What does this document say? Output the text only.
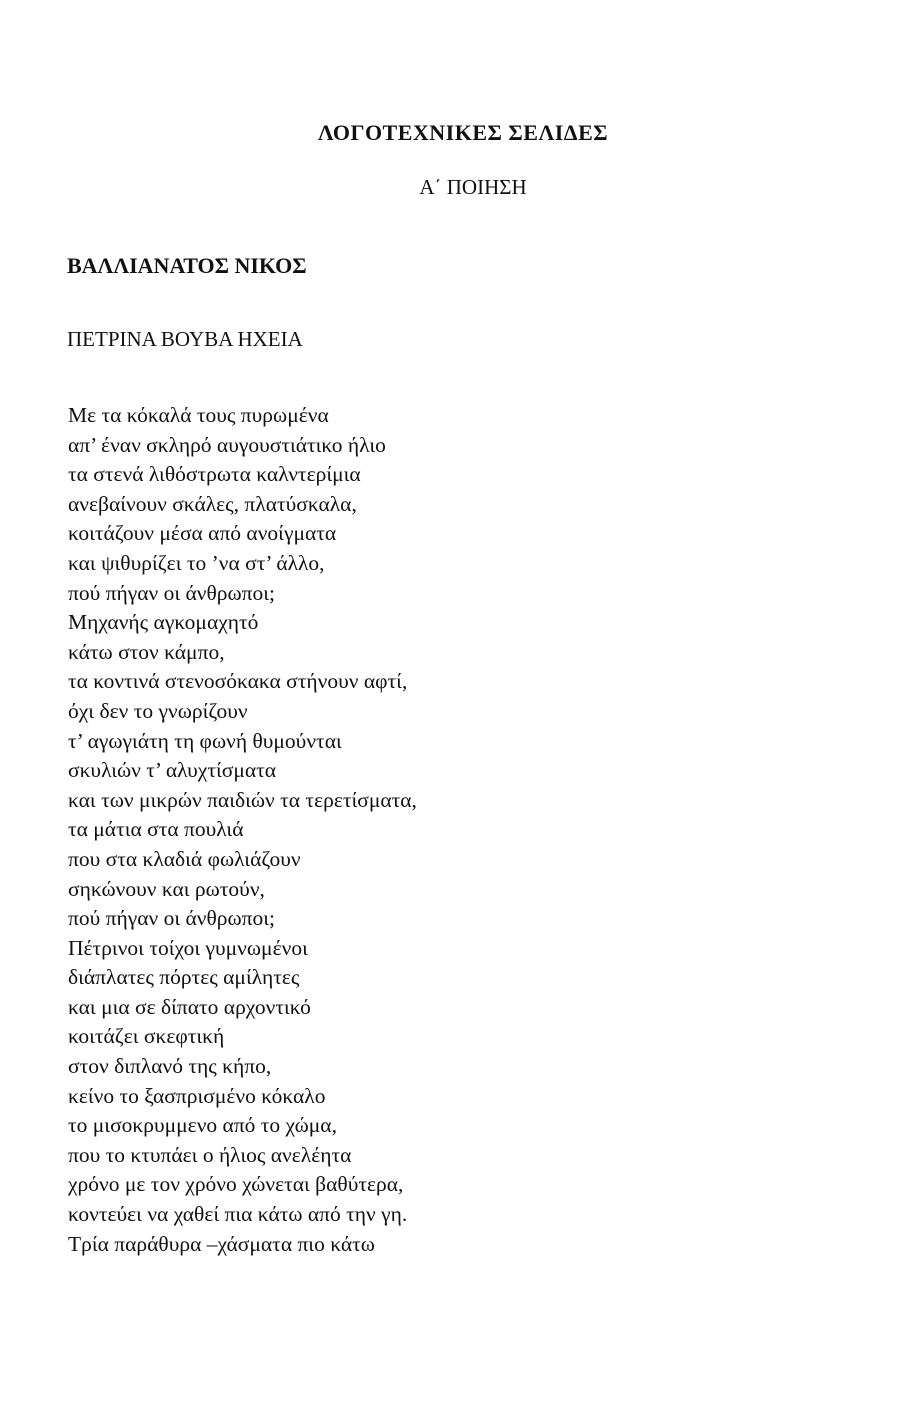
ΛΟΓΟΤΕΧΝΙΚΕΣ ΣΕΛΙΔΕΣ
Α΄ ΠΟΙΗΣΗ
ΒΑΛΛΙΑΝΑΤΟΣ ΝΙΚΟΣ
ΠΕΤΡΙΝΑ ΒΟΥΒΑ ΗΧΕΙΑ
Με τα κόκαλά τους πυρωμένα
απ’ έναν σκληρό αυγουστιάτικο ήλιο
τα στενά λιθόστρωτα καλντερίμια
ανεβαίνουν σκάλες, πλατύσκαλα,
κοιτάζουν μέσα από ανοίγματα
και ψιθυρίζει το ’να στ’ άλλο,
πού πήγαν οι άνθρωποι;
Μηχανής αγκομαχητό
κάτω στον κάμπο,
τα κοντινά στενοσόκακα στήνουν αφτί,
όχι δεν το γνωρίζουν
τ’ αγωγιάτη τη φωνή θυμούνται
σκυλιών τ’ αλυχτίσματα
και των μικρών παιδιών τα τερετίσματα,
τα μάτια στα πουλιά
που στα κλαδιά φωλιάζουν
σηκώνουν και ρωτούν,
πού πήγαν οι άνθρωποι;
Πέτρινοι τοίχοι γυμνωμένοι
διάπλατες πόρτες αμίλητες
και μια σε δίπατο αρχοντικό
κοιτάζει σκεφτική
στον διπλανό της κήπο,
κείνο το ξασπρισμένο κόκαλο
το μισοκρυμμενο από το χώμα,
που το κτυπάει ο ήλιος ανελέητα
χρόνο με τον χρόνο χώνεται βαθύτερα,
κοντεύει να χαθεί πια κάτω από την γη.
Τρία παράθυρα –χάσματα πιο κάτω
